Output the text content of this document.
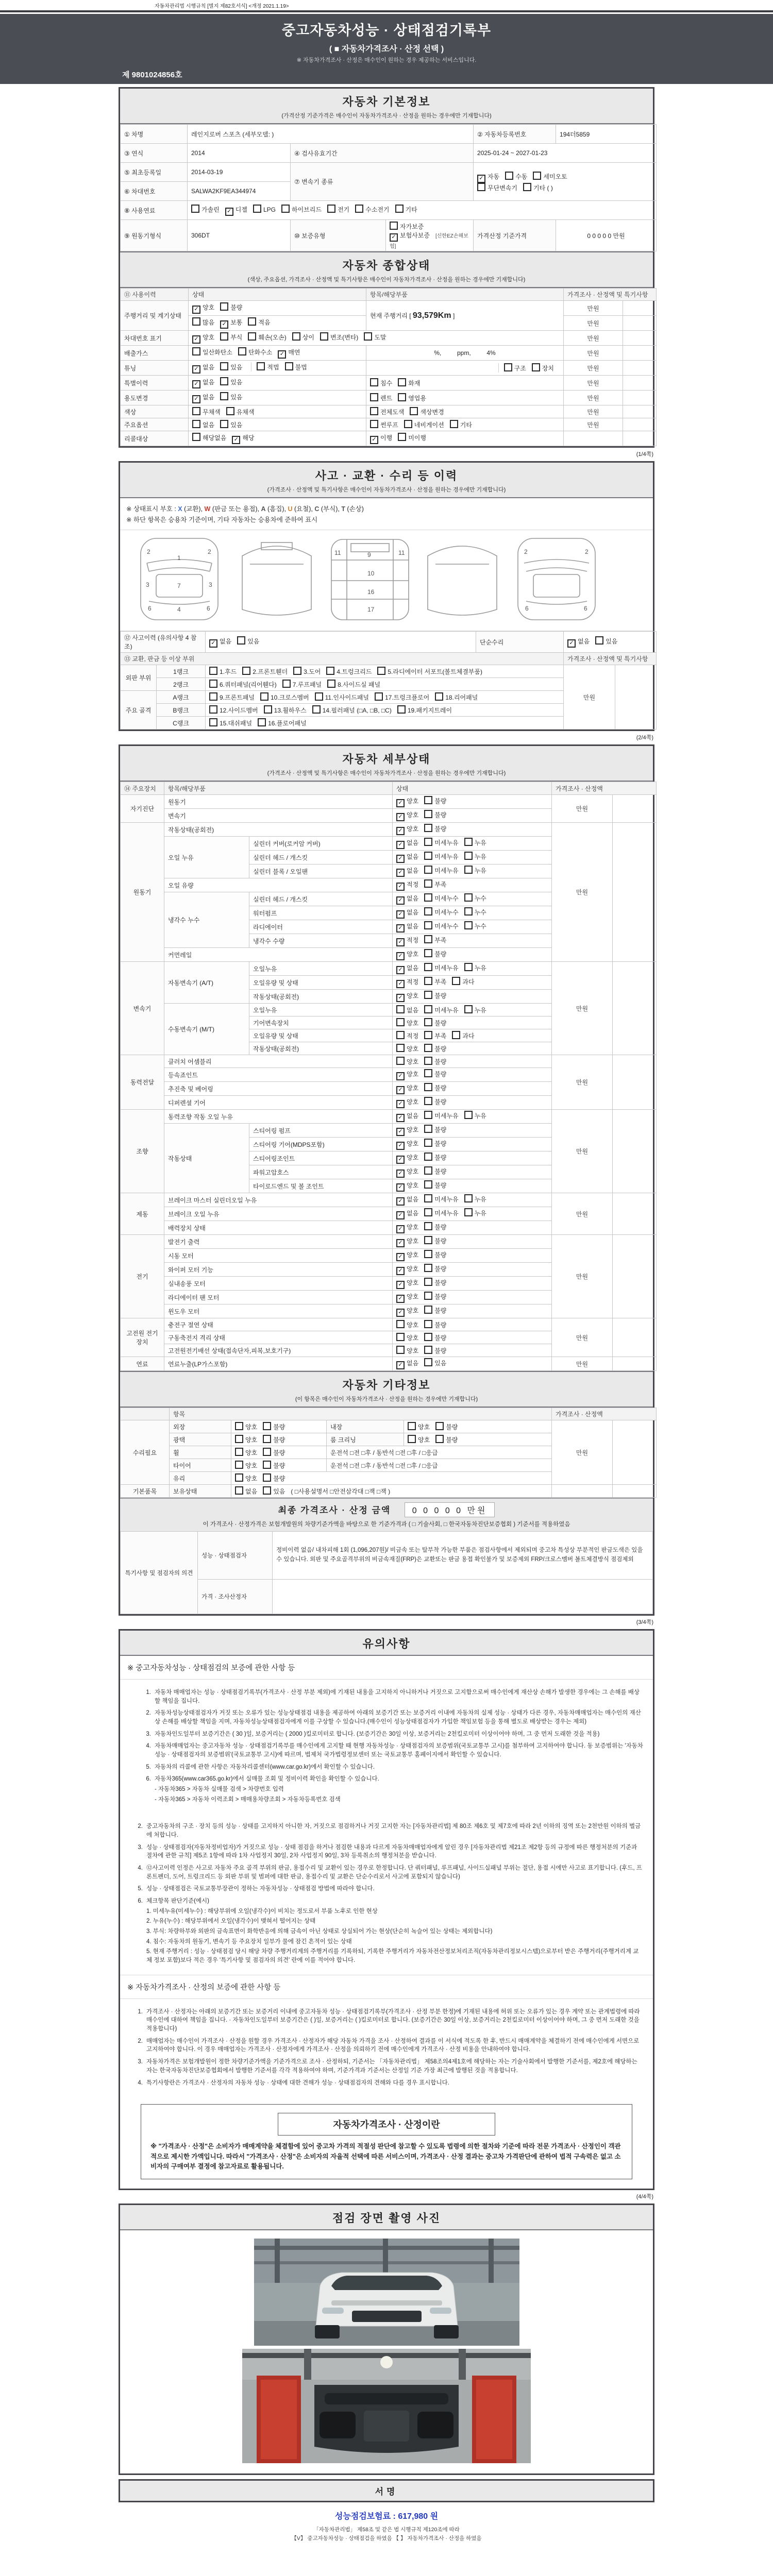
자동차관리법 시행규칙 [별지 제82호서식] <개정 2021.1.19>
중고자동차성능 · 상태점검기록부
( ■ 자동차가격조사 · 산정 선택 )
※ 자동차가격조사 · 산정은 매수인이 원하는 경우 제공하는 서비스입니다.
제 9801024856호
자동차 기본정보
(가격산정 기준가격은 매수인이 자동차가격조사 · 산정을 원하는 경우에만 기재합니다)
① 차명	레인지로버 스포츠 (세부모델: )			② 자동차등록번호	194더5859
③ 연식	2014	④ 검사유효기간		2025-01-24 ~ 2027-01-23	
⑤ 최초등록일	2014-03-19	⑦ 변속기 종류		✓ 자동 수동 세미오토
무단변속기 기타 ( )	

⑥ 차대번호	SALWA2KF9EA344974				
⑧ 사용연료	가솔린 ✓ 디젤 LPG 하이브리드 전기 수소전기 기타				
⑨ 원동기형식	306DT	⑩ 보증유형	자가보증✓ 보험사보증 [신한EZ손해보험]	가격산정 기준가격	0 0 0 0 0 만원
자동차 종합상태
(색상, 주요옵션, 가격조사 · 산정액 및 특기사항은 매수인이 자동차가격조사 · 산정을 원하는 경우에만 기재합니다)
⑪ 사용이력	상태	항목/해당부품	가격조사 · 산정액 및 특기사항	
주행거리 및 계기상태	✓ 양호 불량	현재 주행거리 [ 93,579Km ]	만원	
	많음 ✓ 보통 적음		만원	
차대번호 표기	✓ 양호 부식 훼손(오손) 상이 변조(변타) 도말		만원	
배출가스	일산화탄소 탄화수소 ✓ 매연	%,    ppm,    4%	만원	
튜닝	✓ 없음 있음 적법 불법	구조 장치	만원	
특별이력	✓ 없음 있음	침수 화재	만원	
용도변경	✓ 없음 있음	렌트 영업용	만원	
색상	무채색 유채색	전체도색 색상변경	만원	
주요옵션	없음 있음	썬루프 네비게이션 기타	만원	
리콜대상	해당없음 ✓ 해당	✓ 이행 미이행		
(1/4쪽)
사고 · 교환 · 수리 등 이력
(가격조사 · 산정액 및 특기사항은 매수인이 자동차가격조사 · 산정을 원하는 경우에만 기재합니다)
※ 상태표시 부호 : X (교환), W (판금 또는 용접), A (흠집), U (요철), C (부식), T (손상)
※ 하단 항목은 승용차 기준이며, 기타 자동차는 승용차에 준하여 표시
2
1
2
3	7	3
6	4	6
11	9	11
10
16
17
2	2
6	6
⑫ 사고이력 (유의사항 4 참조)		✓ 없음 있음	단순수리	✓ 없음 있음	
⑬ 교환, 판금 등 이상 부위				가격조사 · 산정액 및 특기사항	
외판 부위	1랭크	1.후드 2.프론트휀더 3.도어 4.트렁크리드 5.라디에이터 서포트(볼트체결부품)		만원	
	2랭크	6.쿼터패널(리어휀다) 7.루프패널 8.사이드실 패널			
주요 골격	A랭크	9.프론트패널 10.크로스멤버 11.인사이드패널 17.트렁크플로어 18.리어패널			
	B랭크	12.사이드멤버 13.휠하우스 14.필러패널 (□A, □B, □C) 19.패키지트레이			
	C랭크	15.대쉬패널 16.플로어패널			
(2/4쪽)
자동차 세부상태
(가격조사 · 산정액 및 특기사항은 매수인이 자동차가격조사 · 산정을 원하는 경우에만 기재합니다)
⑭ 주요장치	항목/해당부품		상태	가격조사 · 산정액	
자기진단	원동기		✓ 양호 불량	만원	
	변속기		✓ 양호 불량		
원동기	작동상태(공회전)		✓ 양호 불량	만원	
	오일 누유	실린더 커버(로커암 커버)	✓ 없음 미세누유 누유		
		실린더 헤드 / 개스킷	✓ 없음 미세누유 누유		
		실린더 블록 / 오일팬	✓ 없음 미세누유 누유		
	오일 유량		✓ 적정 부족		
	냉각수 누수	실린더 헤드 / 개스킷	✓ 없음 미세누수 누수		
		워터펌프	✓ 없음 미세누수 누수		
		라디에이터	✓ 없음 미세누수 누수		
		냉각수 수량	✓ 적정 부족		
	커먼레일		✓ 양호 불량		
변속기	자동변속기 (A/T)	오일누유	✓ 없음 미세누유 누유	만원	
		오일유량 및 상태	✓ 적정 부족 과다		
		작동상태(공회전)	✓ 양호 불량		
	수동변속기 (M/T)	오일누유	없음 미세누유 누유		
		기어변속장치	양호 불량		
		오일유량 및 상태	적정 부족 과다		
		작동상태(공회전)	양호 불량		
동력전달	클러치 어셈블리		양호 불량	만원	
	등속죠인트		✓ 양호 불량		
	추진축 및 베어링		✓ 양호 불량		
	디퍼렌셜 기어		✓ 양호 불량		
조향	동력조향 작동 오일 누유		✓ 없음 미세누유 누유	만원	
	작동상태	스티어링 펌프	✓ 양호 불량		
		스티어링 기어(MDPS포함)	✓ 양호 불량		
		스티어링조인트	✓ 양호 불량		
		파워고압호스	✓ 양호 불량		
		타이로드엔드 및 볼 조인트	✓ 양호 불량		
제동	브레이크 마스터 실린더오일 누유		✓ 없음 미세누유 누유	만원	
	브레이크 오일 누유		✓ 없음 미세누유 누유		
	배력장치 상태		✓ 양호 불량		
전기	발전기 출력		✓ 양호 불량	만원	
	시동 모터		✓ 양호 불량		
	와이퍼 모터 기능		✓ 양호 불량		
	실내송풍 모터		✓ 양호 불량		
	라디에이터 팬 모터		✓ 양호 불량		
	윈도우 모터		✓ 양호 불량		
고전원 전기장치	충전구 절연 상태		양호 불량	만원	
	구동축전지 격리 상태		양호 불량		
	고전원전기배선 상태(접속단자,피복,보호기구)		양호 불량		
연료	연료누출(LP가스포함)		✓ 없음 있음	만원	
자동차 기타정보
(이 항목은 매수인이 자동차가격조사 · 산정을 원하는 경우에만 기재합니다)
	항목				가격조사 · 산정액	
수리필요	외장	양호 불량	내장	양호 불량	만원	
	광택	양호 불량	룸 크리닝	양호 불량		
	휠	양호 불량	운전석 □전 □후 / 동반석 □전 □후 / □응급			
	타이어	양호 불량	운전석 □전 □후 / 동반석 □전 □후 / □응급			
	유리	양호 불량				
기본품목	보유상태	없음 있음 ( □사용설명서 □안전삼각대 □잭 □잭 )				
최종 가격조사 · 산정 금액	0 0 0 0 0 만원
이 가격조사 · 산정가격은 보험개발원의 차량기준가액을 바탕으로 한 기준가격과 ( □ 기술사회, □ 한국자동차진단보증협회 ) 기준서를 적용하였음
특기사항 및 점검자의 의견	성능 · 상태점검자	정비이력 없음/ 내차피해 1회 (1,096,207원)/ 비금속 또는 탈부착 가능한 부품은 점검사항에서 제외되며 중고차 특성상 부분적인 판금도색은 있을 수 있습니다. 외판 및 주요골격부위의 비금속재질(FRP)은 교환또는 판금 용접 확인불가 및 보증제외 FRP/크로스멤버 볼트체결방식 점검제외
	가격 · 조사산정자	
(3/4쪽)
유의사항
※ 중고자동차성능 · 상태점검의 보증에 관한 사항 등
1. 자동차 매매업자는 성능 · 상태점검기록부(가격조사 · 산정 부분 제외)에 기재된 내용을 고지하지 아니하거나 거짓으로 고지함으로써 매수인에게 재산상 손해가 발생한 경우에는 그 손해를 배상할 책임을 집니다.
2. 자동차성능상태점검자가 거짓 또는 오류가 있는 성능상태점검 내용을 제공하여 아래의 보증기간 또는 보증거리 이내에 자동차의 실제 성능 · 상태가 다른 경우, 자동차매매업자는 매수인의 재산상 손해를 배상할 책임을 지며, 자동차성능상태점검자에게 이를 구상할 수 있습니다.(매수인이 성능상태점검자가 가입한 책임보험 등을 통해 별도로 배상받는 경우는 제외)
3. 자동차인도일부터 보증기간은 ( 30 )일, 보증거리는 ( 2000 )킬로미터로 합니다. (보증기간은 30일 이상, 보증거리는 2천킬로미터 이상이어야 하며, 그 중 먼저 도래한 것을 적용)
4. 자동차매매업자는 중고자동차 성능 · 상태점검기록부를 매수인에게 고지할 때 현행 자동차성능 · 상태점검자의 보증범위(국토교통부 고시)를 첨부하여 고지하여야 합니다. 동 보증범위는 '자동차성능 · 상태점검자의 보증범위'(국토교통부 고시)에 따르며, 법제처 국가법령정보센터 또는 국토교통부 홈페이지에서 확인할 수 있습니다.
5. 자동차의 리콜에 관한 사항은 자동차리콜센터(www.car.go.kr)에서 확인할 수 있습니다.
6. 자동차365(www.car365.go.kr)에서 실매물 조회 및 정비이력 확인을 확인할 수 있습니다.
- 자동차365 > 자동차 실매물 검색 > 차량번호 입력
- 자동차365 > 자동차 이력조회 > 매매용차량조회 > 자동차등록번호 검색
2. 중고자동차의 구조 · 장치 등의 성능 · 상태를 고지하지 아니한 자, 거짓으로 점검하거나 거짓 고지한 자는 [자동차관리법] 제 80조 제6호 및 제7호에 따라 2년 이하의 징역 또는 2천만원 이하의 벌금에 처합니다.
3. 성능 · 상태점검자(자동차정비업자)가 거짓으로 성능 · 상태 점검을 하거나 점검한 내용과 다르게 자동차매매업자에게 알린 경우 [자동차관리법 제21조 제2항 등의 규정에 따른 행정처분의 기준과 절차에 관한 규칙] 제5조 1항에 따라 1차 사업정지 30일, 2차 사업정지 90일, 3차 등록취소의 행정처분을 받습니다.
4. ⑫사고이력 인정은 사고로 자동차 주요 골격 부위의 판금, 용접수리 및 교환이 있는 경우로 한정합니다. 단 쿼터패널, 루프패널, 사이드실패널 부위는 절단, 용접 시에만 사고로 표기합니다. (후드, 프론트펜더, 도어, 트렁크리드 등 외판 부위 및 범퍼에 대한 판금, 용접수리 및 교환은 단순수리로서 사고에 포함되지 않습니다)
5. 성능 · 상태점검은 국토교통부장관이 정하는 자동차성능 · 상태점검 방법에 따라야 합니다.
6. 체크항목 판단기준(예시)
1. 미세누유(미세누수) : 해당부위에 오일(냉각수)이 비치는 정도로서 부품 노후로 인한 현상
2. 누유(누수) : 해당부위에서 오일(냉각수)이 맺혀서 떨어지는 상태
3. 부식: 차량하부와 외판의 금속표면이 화학반응에 의해 금속이 아닌 상태로 상실되어 가는 현상(단순히 녹슬어 있는 상태는 제외합니다)
4. 침수: 자동차의 원동기, 변속기 등 주요장치 일부가 물에 잠긴 흔적이 있는 상태
5. 현재 주행거리 : 성능 · 상태점검 당시 해당 차량 주행거리계의 주행거리를 기록하되, 기록한 주행거리가 자동차전산정보처리조직(자동차관리정보시스템)으로부터 받은 주행거리(주행거리계 교체 정보 포함)보다 적은 경우 '특기사항 및 점검자의 의견' 란에 이를 적어야 합니다.
※ 자동차가격조사 · 산정의 보증에 관한 사항 등
1. 가격조사 · 산정자는 아래의 보증기간 또는 보증거리 이내에 중고자동차 성능 · 상태점검기록부(가격조사 · 산정 부분 한정)에 기재된 내용에 허위 또는 오류가 있는 경우 계약 또는 관계법령에 따라 매수인에 대하여 책임을 집니다. · 자동차인도일부터 보증기간은 ( )일, 보증거리는 ( )킬로미터로 합니다. (보증기간은 30일 이상, 보증거리는 2천킬로미터 이상이어야 하며, 그 중 먼저 도래한 것을 적용합니다)
2. 매매업자는 매수인이 가격조사 · 산정을 원할 경우 가격조사 · 산정자가 해당 자동차 가격을 조사 · 산정하여 결과를 이 서식에 적도록 한 후, 반드시 매매계약을 체결하기 전에 매수인에게 서면으로 고지하여야 합니다. 이 경우 매매업자는 가격조사 · 산정자에게 가격조사 · 산정을 의뢰하기 전에 매수인에게 가격조사 · 산정 비용을 안내하여야 합니다.
3. 자동차가격은 보험개발원이 정한 차량기준가액을 기준가격으로 조사 · 산정하되, 기준서는 「자동차관리법」 제58조의4제1호에 해당하는 자는 기술사회에서 발행한 기준서를, 제2호에 해당하는 자는 한국자동차진단보증협회에서 발행한 기준서를 각각 적용하여야 하며, 기준가격과 기준서는 산정일 기준 가장 최근에 발행된 것을 적용합니다.
4. 특기사항란은 가격조사 · 산정자의 자동차 성능 · 상태에 대한 견해가 성능 · 상태점검자의 견해와 다를 경우 표시합니다.
자동차가격조사 · 산정이란
※ "가격조사 · 산정"은 소비자가 매매계약을 체결함에 있어 중고차 가격의 적절성 판단에 참고할 수 있도록 법령에 의한 절차와 기준에 따라 전문 가격조사 · 산정인이 객관적으로 제시한 가액입니다. 따라서 "가격조사 · 산정"은 소비자의 자율적 선택에 따른 서비스이며, 가격조사 · 산정 결과는 중고차 가격판단에 관하여 법적 구속력은 없고 소비자의 구매여부 결정에 참고자료로 활용됩니다.
(4/4쪽)
점검 장면 촬영 사진
서명
성능점검보험료 : 617,980 원
「자동차관리법」 제58조 및 같은 법 시행규칙 제120조에 따라
【V】 중고자동차성능 · 상태점검을 하였음 【 】 자동차가격조사 · 산정을 하였음
